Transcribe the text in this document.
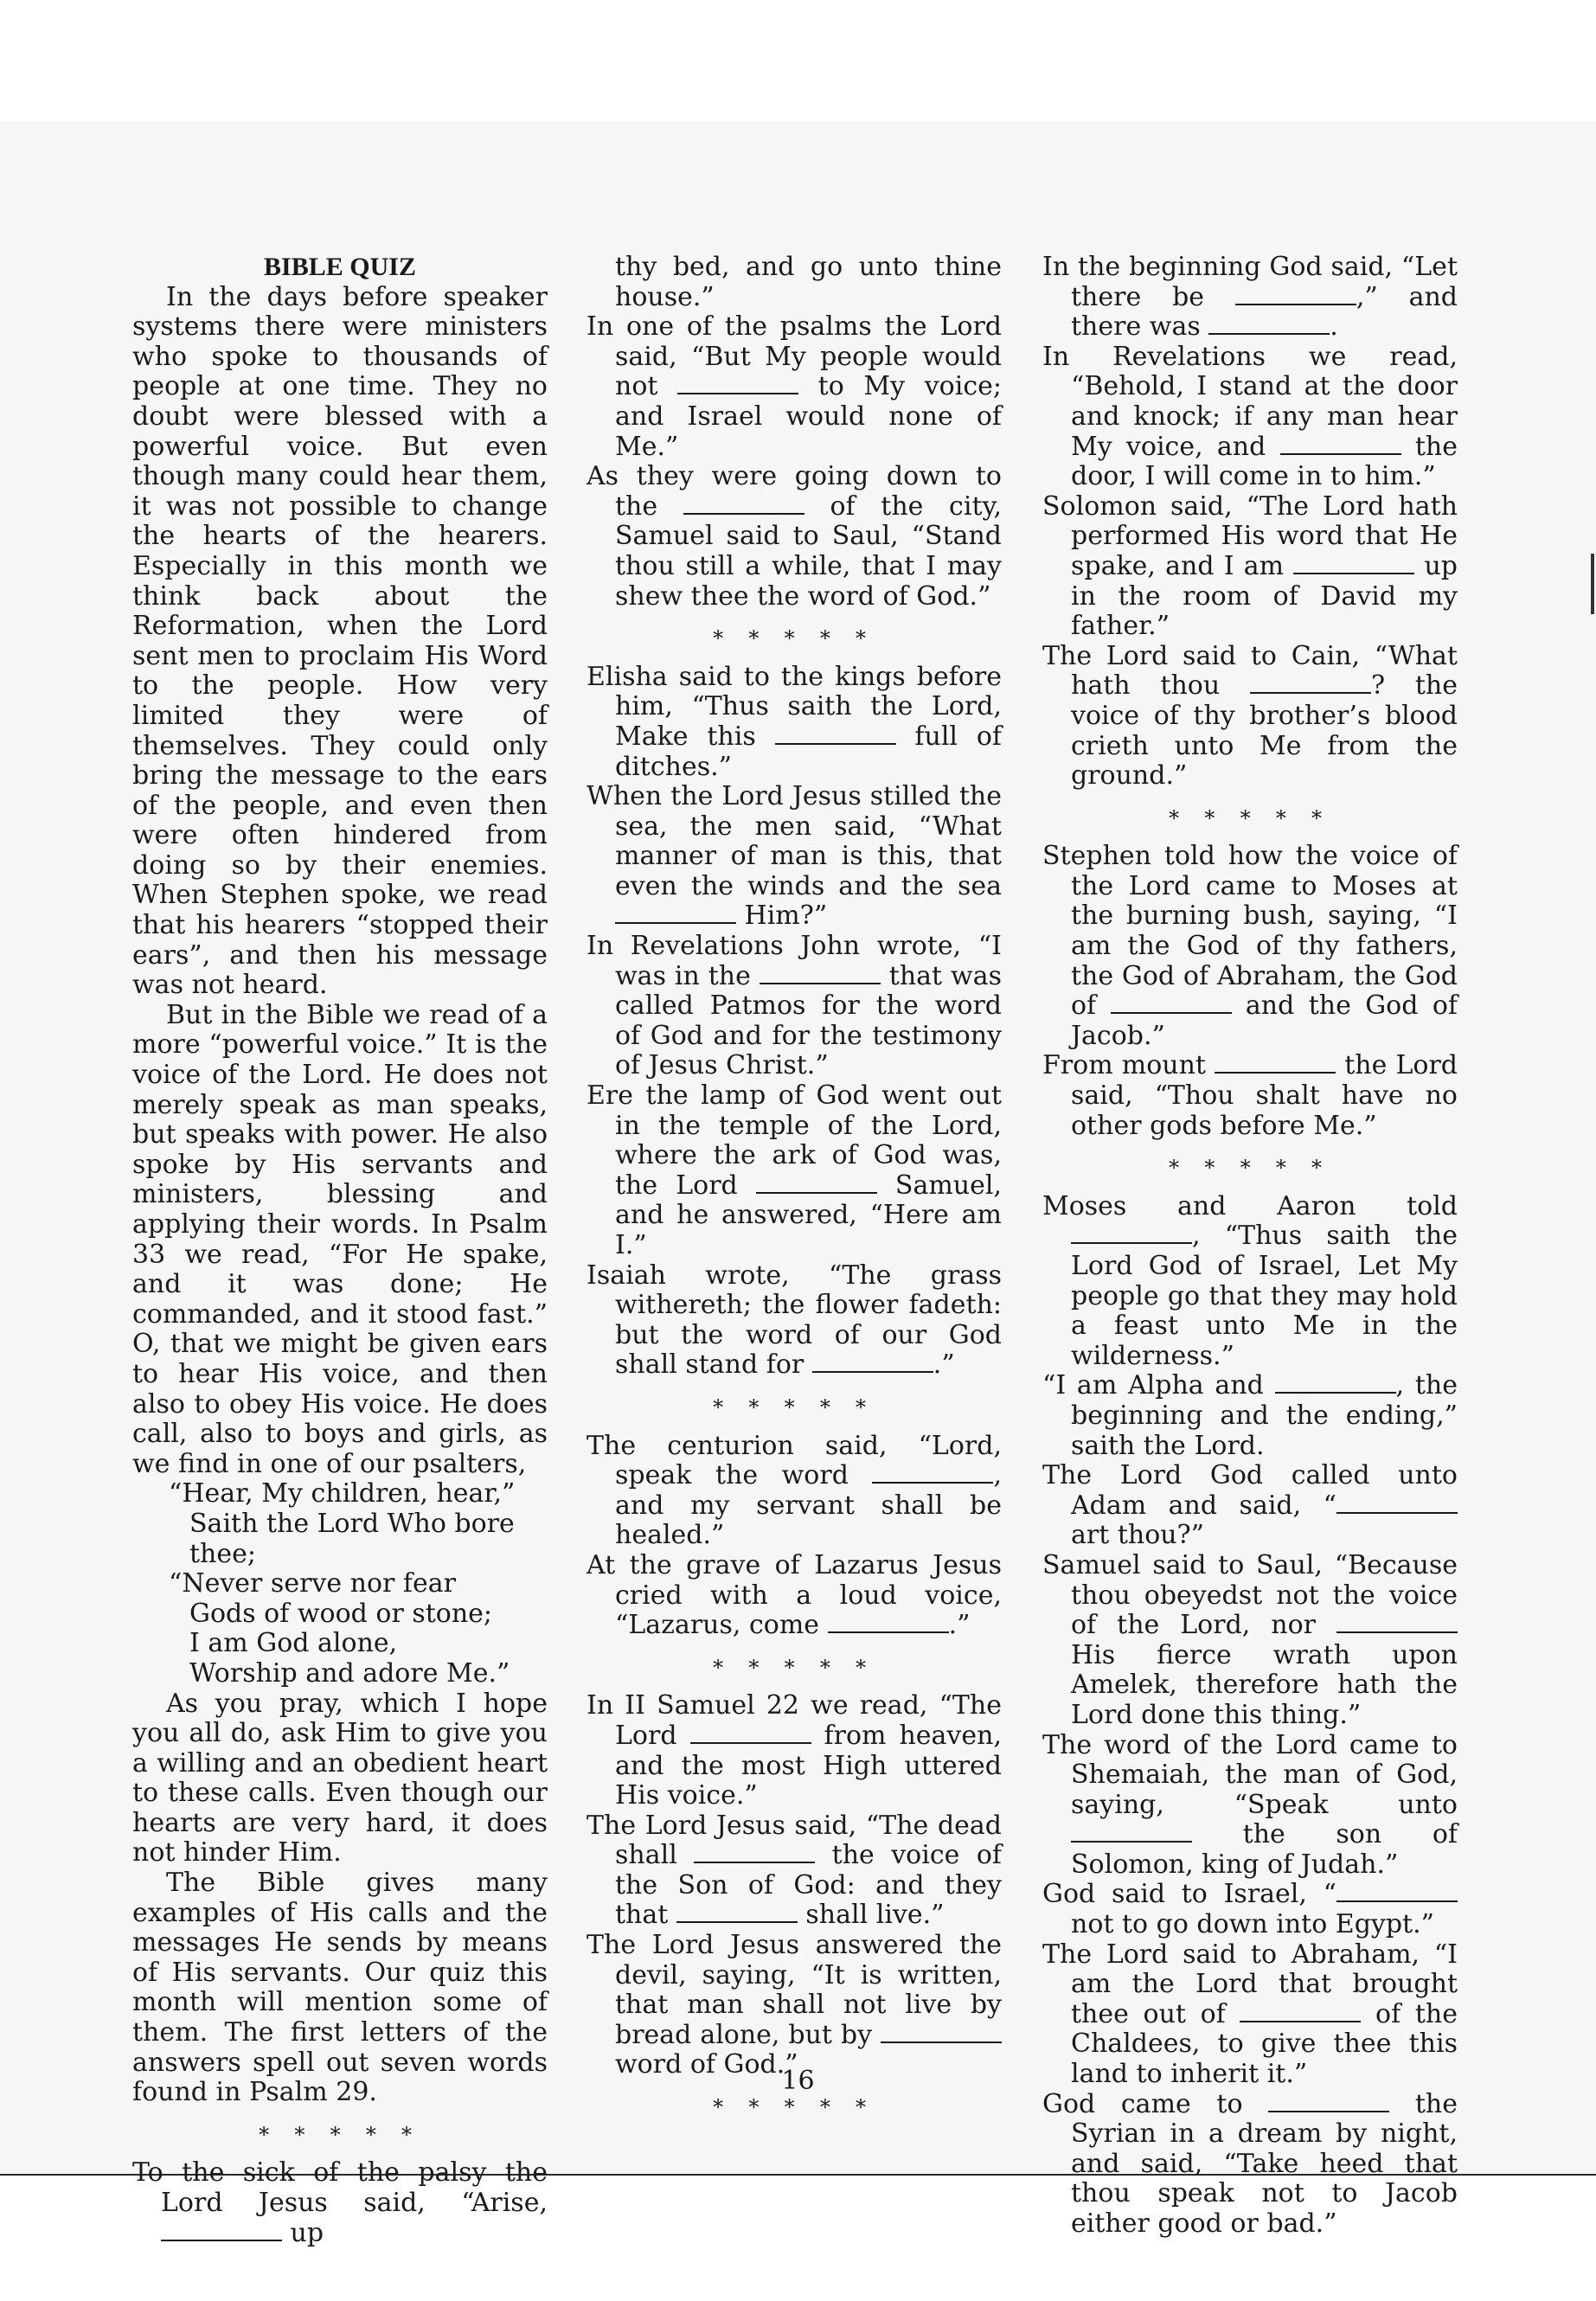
BIBLE QUIZ

In the days before speaker systems there were ministers who spoke to thousands of people at one time. They no doubt were blessed with a powerful voice. But even though many could hear them, it was not possible to change the hearts of the hearers. Especially in this month we think back about the Reformation, when the Lord sent men to proclaim His Word to the people. How very limited they were of themselves. They could only bring the message to the ears of the people, and even then were often hindered from doing so by their enemies. When Stephen spoke, we read that his hearers “stopped their ears”, and then his message was not heard.

But in the Bible we read of a more “powerful voice.” It is the voice of the Lord. He does not merely speak as man speaks, but speaks with power. He also spoke by His servants and ministers, blessing and applying their words. In Psalm 33 we read, “For He spake, and it was done; He commanded, and it stood fast.” O, that we might be given ears to hear His voice, and then also to obey His voice. He does call, also to boys and girls, as we find in one of our psalters,

“Hear, My children, hear,”
Saith the Lord Who bore thee;
“Never serve nor fear
Gods of wood or stone;
I am God alone,
Worship and adore Me.”

As you pray, which I hope you all do, ask Him to give you a willing and an obedient heart to these calls. Even though our hearts are very hard, it does not hinder Him.

The Bible gives many examples of His calls and the messages He sends by means of His servants. Our quiz this month will mention some of them. The first letters of the answers spell out seven words found in Psalm 29.

* * * * *

To the sick of the palsy the Lord Jesus said, “Arise,  up

thy bed, and go unto thine house.”

In one of the psalms the Lord said, “But My people would not	to My voice; and Israel would none of Me.”

As they were going down to the	of the city, Samuel said to Saul, “Stand thou still a while, that I may shew thee the word of God.”

* * * * *

Elisha said to the kings before him, “Thus saith the Lord, Make this	full of ditches.”

When the Lord Jesus stilled the sea, the men said, “What manner of man is this, that even the winds and the sea  Him?”

In Revelations John wrote, “I was in the	that was called Patmos for the word of God and for the testimony of Jesus Christ.”

Ere the lamp of God went out in the temple of the Lord, where the ark of God was, the Lord	Samuel, and he answered, “Here am I.”

Isaiah wrote, “The grass withereth; the flower fadeth: but the word of our God shall stand for	.”

* * * * *

The centurion said, “Lord, speak the word	, and my servant shall be healed.”

At the grave of Lazarus Jesus cried with a loud voice, “Lazarus, come	.”

* * * * *

In II Samuel 22 we read, “The Lord	from heaven, and the most High uttered His voice.”

The Lord Jesus said, “The dead shall	the voice of the Son of God: and they that	shall live.”

The Lord Jesus answered the devil, saying, “It is written, that man shall not live by bread alone, but by  word of God.”

* * * * *

In the beginning God said, “Let there be	,” and there was	.

In Revelations we read, “Behold, I stand at the door and knock; if any man hear My voice, and	the door, I will come in to him.”

Solomon said, “The Lord hath performed His word that He spake, and I am	up in the room of David my father.”

The Lord said to Cain, “What hath thou	? the voice of thy brother’s blood crieth unto Me from the ground.”

* * * * *

Stephen told how the voice of the Lord came to Moses at the burning bush, saying, “I am the God of thy fathers, the God of Abraham, the God of	and the God of Jacob.”

From mount	the Lord said, “Thou shalt have no other gods before Me.”

* * * * *

Moses and Aaron told , “Thus saith the Lord God of Israel, Let My people go that they may hold a feast unto Me in the wilderness.”

“I am Alpha and	, the beginning and the ending,” saith the Lord.

The Lord God called unto Adam and said, “ art thou?”

Samuel said to Saul, “Because thou obeyedst not the voice of the Lord, nor  His fierce wrath upon Amelek, therefore hath the Lord done this thing.”

The word of the Lord came to Shemaiah, the man of God, saying, “Speak unto  the son of Solomon, king of Judah.”

God said to Israel, “ not to go down into Egypt.”

The Lord said to Abraham, “I am the Lord that brought thee out of	of the Chaldees, to give thee this land to inherit it.”

God came to	the Syrian in a dream by night, and said, “Take heed that thou speak not to Jacob either good or bad.”

16
